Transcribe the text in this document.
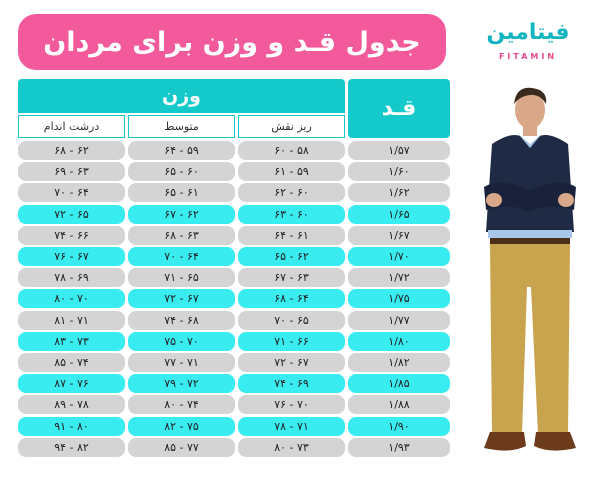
جدول قـد و وزن برای مردان	فیتامین
FITAMIN
وزن	قـد
ریز نقش
متوسط
درشت اندام
۱/۵۷
۵۸ - ۶۰
۵۹ - ۶۴
۶۲ - ۶۸
۱/۶۰
۵۹ - ۶۱
۶۰ - ۶۵
۶۳ - ۶۹
۱/۶۲
۶۰ - ۶۲
۶۱ - ۶۵
۶۴ - ۷۰
۱/۶۵
۶۰ - ۶۳
۶۲ - ۶۷
۶۵ - ۷۲
۱/۶۷
۶۱ - ۶۴
۶۳ - ۶۸
۶۶ - ۷۴
۱/۷۰
۶۲ - ۶۵
۶۴ - ۷۰
۶۷ - ۷۶
۱/۷۲
۶۳ - ۶۷
۶۵ - ۷۱
۶۹ - ۷۸
۱/۷۵
۶۴ - ۶۸
۶۷ - ۷۲
۷۰ - ۸۰
۱/۷۷
۶۵ - ۷۰
۶۸ - ۷۴
۷۱ - ۸۱
۱/۸۰
۶۶ - ۷۱
۷۰ - ۷۵
۷۳ - ۸۳
۱/۸۲
۶۷ - ۷۲
۷۱ - ۷۷
۷۴ - ۸۵
۱/۸۵
۶۹ - ۷۴
۷۲ - ۷۹
۷۶ - ۸۷
۱/۸۸
۷۰ - ۷۶
۷۴ - ۸۰
۷۸ - ۸۹
۱/۹۰
۷۱ - ۷۸
۷۵ - ۸۲
۸۰ - ۹۱
۱/۹۳
۷۳ - ۸۰
۷۷ - ۸۵
۸۲ - ۹۴
